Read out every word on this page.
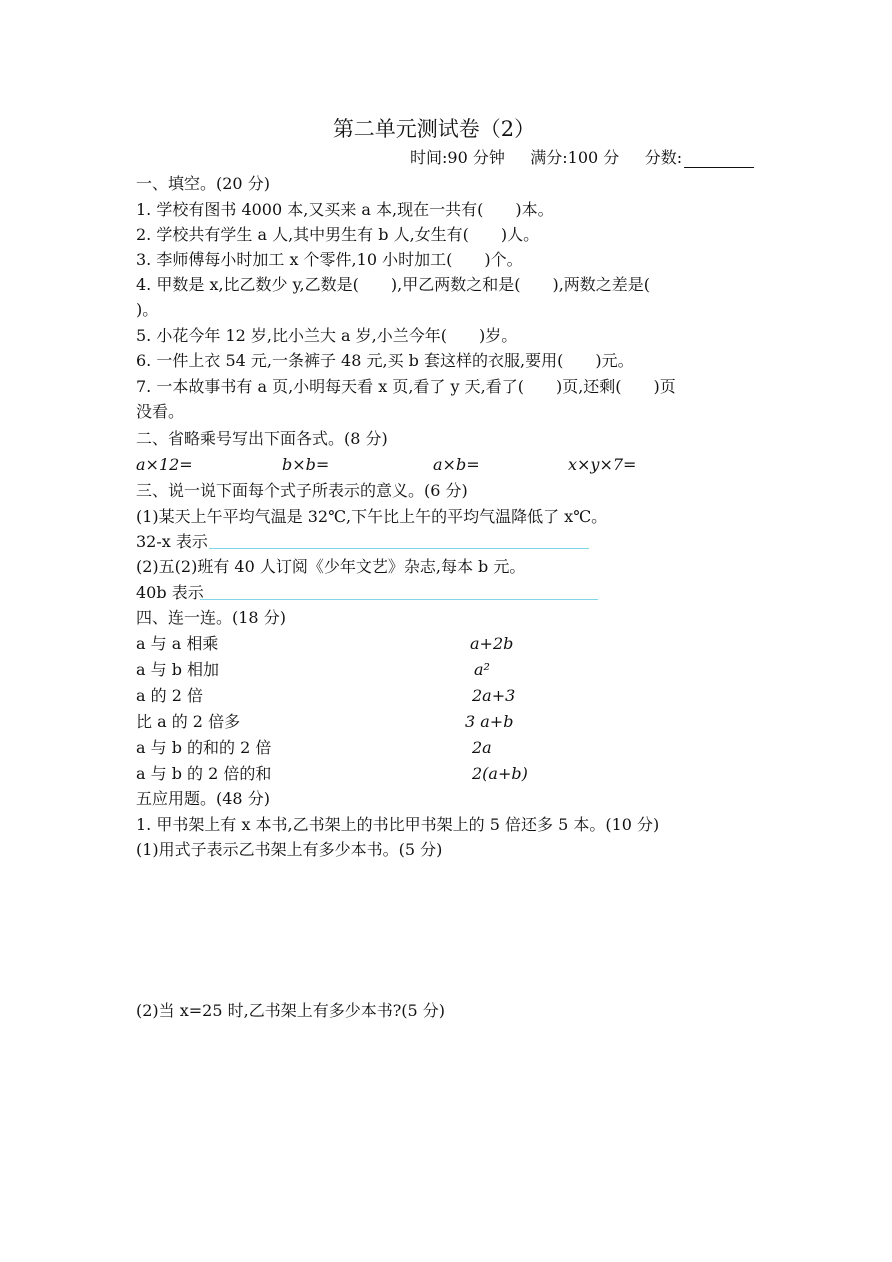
第二单元测试卷（2）
时间:90 分钟 满分:100 分 分数:
一、填空。(20 分)
1. 学校有图书 4000 本,又买来 a 本,现在一共有(　　)本。
2. 学校共有学生 a 人,其中男生有 b 人,女生有(　　)人。
3. 李师傅每小时加工 x 个零件,10 小时加工(　　)个。
4. 甲数是 x,比乙数少 y,乙数是(　　),甲乙两数之和是(　　),两数之差是(
)。
5. 小花今年 12 岁,比小兰大 a 岁,小兰今年(　　)岁。
6. 一件上衣 54 元,一条裤子 48 元,买 b 套这样的衣服,要用(　　)元。
7. 一本故事书有 a 页,小明每天看 x 页,看了 y 天,看了(　　)页,还剩(　　)页
没看。
二、省略乘号写出下面各式。(8 分)
a×12=	b×b=	a×b=	x×y×7=
三、说一说下面每个式子所表示的意义。(6 分)
(1)某天上午平均气温是 32℃,下午比上午的平均气温降低了 x℃。
32-x 表示
(2)五(2)班有 40 人订阅《少年文艺》杂志,每本 b 元。
40b 表示
四、连一连。(18 分)
a 与 a 相乘
a 与 b 相加
a 的 2 倍
比 a 的 2 倍多
a 与 b 的和的 2 倍
a 与 b 的 2 倍的和
a+2b
a²
2a+3
3 a+b
2a
2(a+b)
五应用题。(48 分)
1. 甲书架上有 x 本书,乙书架上的书比甲书架上的 5 倍还多 5 本。(10 分)
(1)用式子表示乙书架上有多少本书。(5 分)
(2)当 x=25 时,乙书架上有多少本书?(5 分)
